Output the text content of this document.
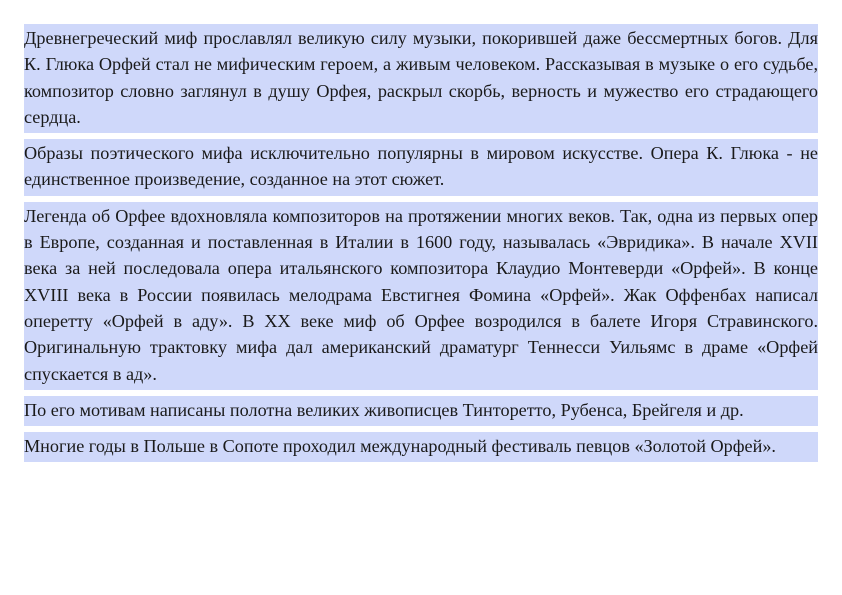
Древнегреческий миф прославлял великую силу музыки, покорившей даже бессмертных богов. Для К. Глюка Орфей стал не мифическим героем, а живым человеком. Рассказывая в музыке о его судьбе, композитор словно заглянул в душу Орфея, раскрыл скорбь, верность и мужество его страдающего сердца.

Образы поэтического мифа исключительно популярны в мировом искусстве. Опера К. Глюка - не единственное произведение, созданное на этот сюжет.

Легенда об Орфее вдохновляла композиторов на протяжении многих веков. Так, одна из первых опер в Европе, созданная и поставленная в Италии в 1600 году, называлась «Эвридика». В начале XVII века за ней последовала опера итальянского композитора Клаудио Монтеверди «Орфей». В конце XVIII века в России появилась мелодрама Евстигнея Фомина «Орфей». Жак Оффенбах написал оперетту «Орфей в аду». В XX веке миф об Орфее возродился в балете Игоря Стравинского. Оригинальную трактовку мифа дал американский драматург Теннесси Уильямс в драме «Орфей спускается в ад».

По его мотивам написаны полотна великих живописцев Тинторетто, Рубенса, Брейгеля и др.

Многие годы в Польше в Сопоте проходил международный фестиваль певцов «Золотой Орфей».
